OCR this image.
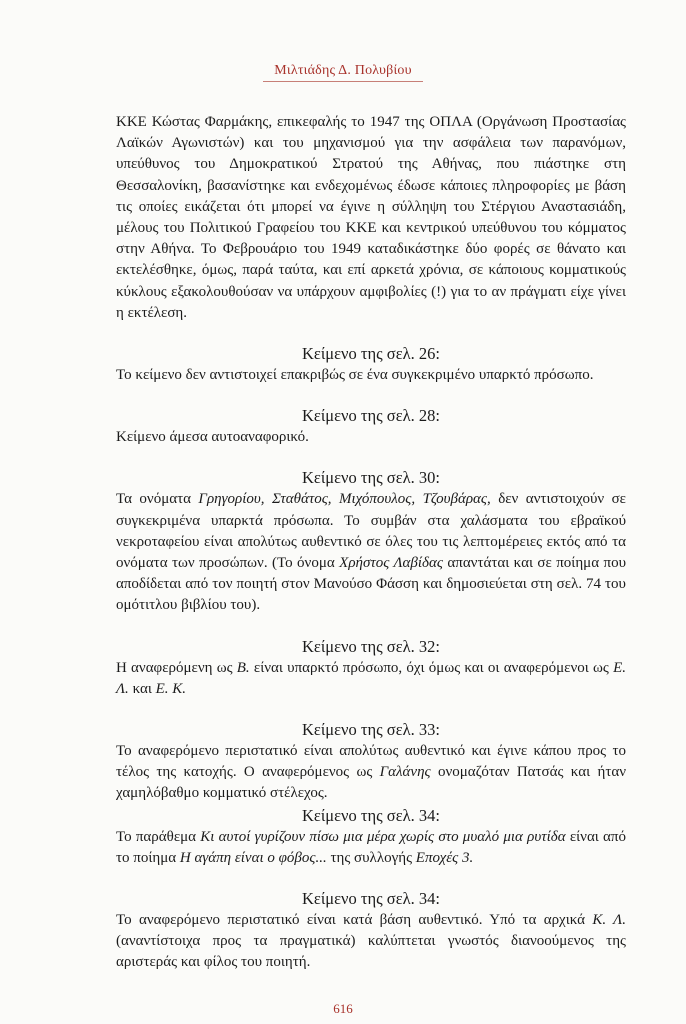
Μιλτιάδης Δ. Πολυβίου

ΚΚΕ Κώστας Φαρμάκης, επικεφαλής το 1947 της ΟΠΛΑ (Οργάνωση Προστασίας Λαϊκών Αγωνιστών) και του μηχανισμού για την ασφάλεια των παρανόμων, υπεύθυνος του Δημοκρατικού Στρατού της Αθήνας, που πιάστηκε στη Θεσσαλονίκη, βασανίστηκε και ενδεχομένως έδωσε κάποιες πληροφορίες με βάση τις οποίες εικάζεται ότι μπορεί να έγινε η σύλληψη του Στέργιου Αναστασιάδη, μέλους του Πολιτικού Γραφείου του ΚΚΕ και κεντρικού υπεύθυνου του κόμματος στην Αθήνα. Το Φεβρουάριο του 1949 καταδικάστηκε δύο φορές σε θάνατο και εκτελέσθηκε, όμως, παρά ταύτα, και επί αρκετά χρόνια, σε κάποιους κομματικούς κύκλους εξακολουθούσαν να υπάρχουν αμφιβολίες (!) για το αν πράγματι είχε γίνει η εκτέλεση.

Κείμενο της σελ. 26:

Το κείμενο δεν αντιστοιχεί επακριβώς σε ένα συγκεκριμένο υπαρκτό πρόσωπο.

Κείμενο της σελ. 28:

Κείμενο άμεσα αυτοαναφορικό.

Κείμενο της σελ. 30:

Τα ονόματα Γρηγορίου, Σταθάτος, Μιχόπουλος, Τζουβάρας, δεν αντιστοιχούν σε συγκεκριμένα υπαρκτά πρόσωπα. Το συμβάν στα χαλάσματα του εβραϊκού νεκροταφείου είναι απολύτως αυθεντικό σε όλες του τις λεπτομέρειες εκτός από τα ονόματα των προσώπων. (Το όνομα Χρήστος Λαβίδας απαντάται και σε ποίημα που αποδίδεται από τον ποιητή στον Μανούσο Φάσση και δημοσιεύεται στη σελ. 74 του ομότιτλου βιβλίου του).

Κείμενο της σελ. 32:

Η αναφερόμενη ως Β. είναι υπαρκτό πρόσωπο, όχι όμως και οι αναφερόμενοι ως Ε. Λ. και Ε. Κ.

Κείμενο της σελ. 33:

Το αναφερόμενο περιστατικό είναι απολύτως αυθεντικό και έγινε κάπου προς το τέλος της κατοχής. Ο αναφερόμενος ως Γαλάνης ονομαζόταν Πατσάς και ήταν χαμηλόβαθμο κομματικό στέλεχος.

Κείμενο της σελ. 34:

Το παράθεμα Κι αυτοί γυρίζουν πίσω μια μέρα χωρίς στο μυαλό μια ρυτίδα είναι από το ποίημα Η αγάπη είναι ο φόβος... της συλλογής Εποχές 3.

Κείμενο της σελ. 34:

Το αναφερόμενο περιστατικό είναι κατά βάση αυθεντικό. Υπό τα αρχικά Κ. Λ. (αναντίστοιχα προς τα πραγματικά) καλύπτεται γνωστός διανοούμενος της αριστεράς και φίλος του ποιητή.

616
